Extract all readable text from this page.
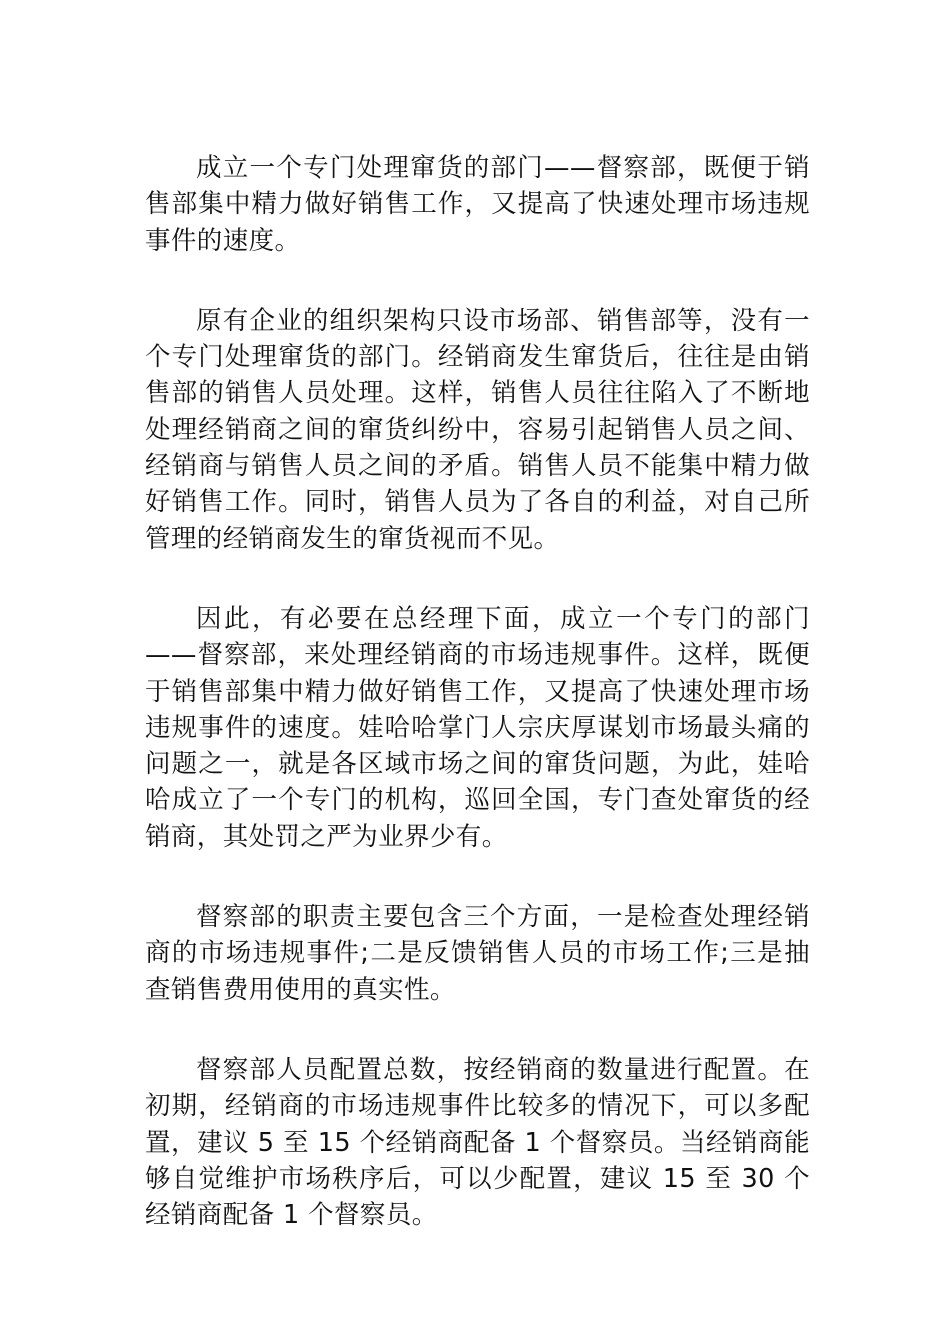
成立一个专门处理窜货的部门——督察部，既便于销售部集中精力做好销售工作，又提高了快速处理市场违规事件的速度。

原有企业的组织架构只设市场部、销售部等，没有一个专门处理窜货的部门。经销商发生窜货后，往往是由销售部的销售人员处理。这样，销售人员往往陷入了不断地处理经销商之间的窜货纠纷中，容易引起销售人员之间、经销商与销售人员之间的矛盾。销售人员不能集中精力做好销售工作。同时，销售人员为了各自的利益，对自己所管理的经销商发生的窜货视而不见。

因此，有必要在总经理下面，成立一个专门的部门——督察部，来处理经销商的市场违规事件。这样，既便于销售部集中精力做好销售工作，又提高了快速处理市场违规事件的速度。娃哈哈掌门人宗庆厚谋划市场最头痛的问题之一，就是各区域市场之间的窜货问题，为此，娃哈哈成立了一个专门的机构，巡回全国，专门查处窜货的经销商，其处罚之严为业界少有。

督察部的职责主要包含三个方面，一是检查处理经销商的市场违规事件;二是反馈销售人员的市场工作;三是抽查销售费用使用的真实性。

督察部人员配置总数，按经销商的数量进行配置。在初期，经销商的市场违规事件比较多的情况下，可以多配置，建议 5 至 15 个经销商配备 1 个督察员。当经销商能够自觉维护市场秩序后，可以少配置，建议 15 至 30 个经销商配备 1 个督察员。
